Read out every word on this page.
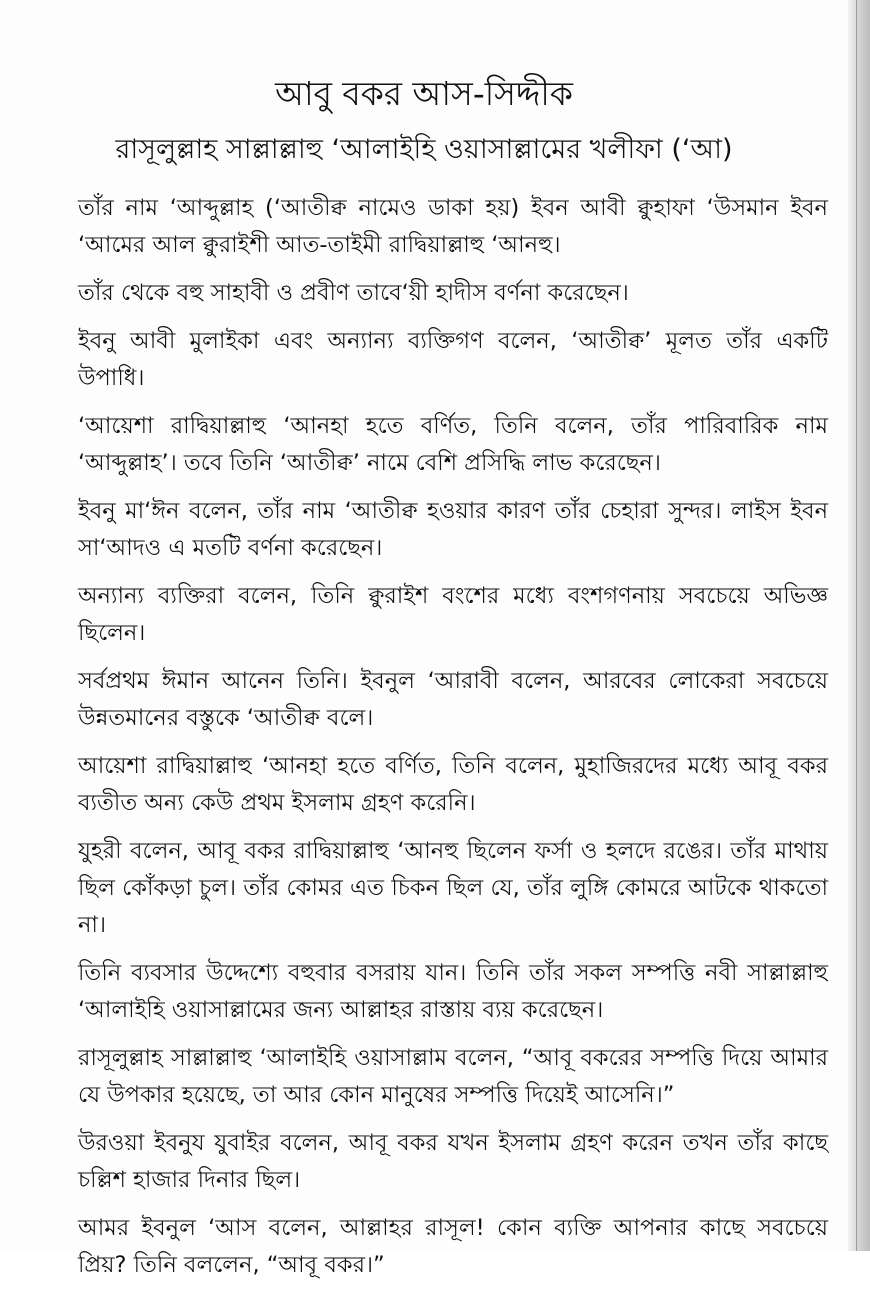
আবু বকর আস-সিদ্দীক
রাসূলুল্লাহ সাল্লাল্লাহু ‘আলাইহি ওয়াসাল্লামের খলীফা (‘আ)

তাঁর নাম ‘আব্দুল্লাহ (‘আতীক্ব নামেও ডাকা হয়) ইবন আবী ক্বুহাফা ‘উসমান ইবন ‘আমের আল ক্বুরাইশী আত-তাইমী রাদ্বিয়াল্লাহু ‘আনহু।

তাঁর থেকে বহু সাহাবী ও প্রবীণ তাবে‘য়ী হাদীস বর্ণনা করেছেন।

ইবনু আবী মুলাইকা এবং অন্যান্য ব্যক্তিগণ বলেন, ‘আতীক্ব’ মূলত তাঁর একটি উপাধি।

‘আয়েশা রাদ্বিয়াল্লাহু ‘আনহা হতে বর্ণিত, তিনি বলেন, তাঁর পারিবারিক নাম ‘আব্দুল্লাহ’। তবে তিনি ‘আতীক্ব’ নামে বেশি প্রসিদ্ধি লাভ করেছেন।

ইবনু মা‘ঈন বলেন, তাঁর নাম ‘আতীক্ব হওয়ার কারণ তাঁর চেহারা সুন্দর। লাইস ইবন সা‘আদও এ মতটি বর্ণনা করেছেন।

অন্যান্য ব্যক্তিরা বলেন, তিনি ক্বুরাইশ বংশের মধ্যে বংশগণনায় সবচেয়ে অভিজ্ঞ ছিলেন।

সর্বপ্রথম ঈমান আনেন তিনি। ইবনুল ‘আরাবী বলেন, আরবের লোকেরা সবচেয়ে উন্নতমানের বস্তুকে ‘আতীক্ব বলে।

আয়েশা রাদ্বিয়াল্লাহু ‘আনহা হতে বর্ণিত, তিনি বলেন, মুহাজিরদের মধ্যে আবূ বকর ব্যতীত অন্য কেউ প্রথম ইসলাম গ্রহণ করেনি।

যুহরী বলেন, আবূ বকর রাদ্বিয়াল্লাহু ‘আনহু ছিলেন ফর্সা ও হলদে রঙের। তাঁর মাথায় ছিল কোঁকড়া চুল। তাঁর কোমর এত চিকন ছিল যে, তাঁর লুঙ্গি কোমরে আটকে থাকতো না।

তিনি ব্যবসার উদ্দেশ্যে বহুবার বসরায় যান। তিনি তাঁর সকল সম্পত্তি নবী সাল্লাল্লাহু ‘আলাইহি ওয়াসাল্লামের জন্য আল্লাহর রাস্তায় ব্যয় করেছেন।

রাসূলুল্লাহ সাল্লাল্লাহু ‘আলাইহি ওয়াসাল্লাম বলেন, “আবূ বকরের সম্পত্তি দিয়ে আমার যে উপকার হয়েছে, তা আর কোন মানুষের সম্পত্তি দিয়েই আসেনি।”

উরওয়া ইবনুয যুবাইর বলেন, আবূ বকর যখন ইসলাম গ্রহণ করেন তখন তাঁর কাছে চল্লিশ হাজার দিনার ছিল।

আমর ইবনুল ‘আস বলেন, আল্লাহর রাসূল! কোন ব্যক্তি আপনার কাছে সবচেয়ে প্রিয়? তিনি বললেন, “আবূ বকর।”
